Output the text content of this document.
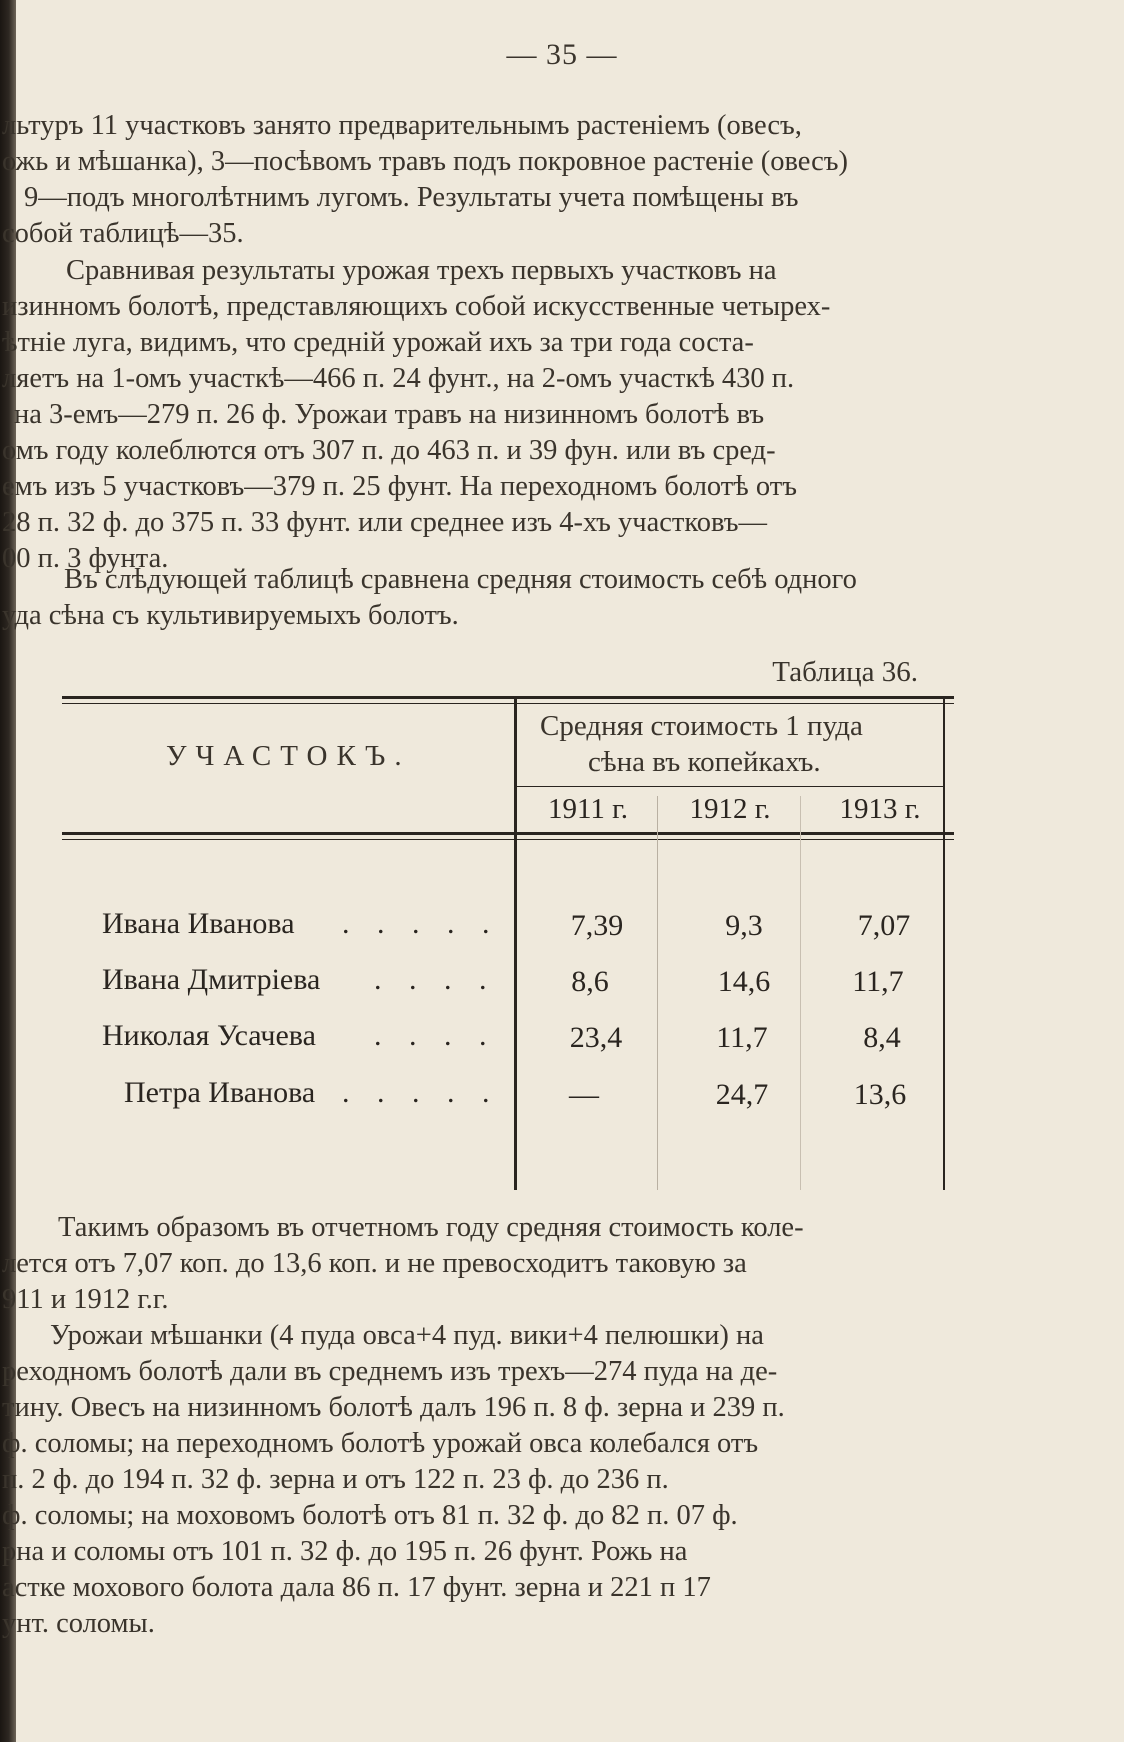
— 35 —
льтуръ 11 участковъ занято предварительнымъ растеніемъ (овесъ,
ожь и мѣшанка), 3—посѣвомъ травъ подъ покровное растеніе (овесъ)
9—подъ многолѣтнимъ лугомъ. Результаты учета помѣщены въ
собой таблицѣ—35.
Сравнивая результаты урожая трехъ первыхъ участковъ на
изинномъ болотѣ, представляющихъ собой искусственные четырех-
ѣтніе луга, видимъ, что средній урожай ихъ за три года соста-
ляетъ на 1-омъ участкѣ—466 п. 24 фунт., на 2-омъ участкѣ 430 п.
на 3-емъ—279 п. 26 ф. Урожаи травъ на низинномъ болотѣ въ
омъ году колеблются отъ 307 п. до 463 п. и 39 фун. или въ сред-
емъ изъ 5 участковъ—379 п. 25 фунт. На переходномъ болотѣ отъ
28 п. 32 ф. до 375 п. 33 фунт. или среднее изъ 4-хъ участковъ—
00 п. 3 фунта.
Въ слѣдующей таблицѣ сравнена средняя стоимость себѣ одного
уда сѣна съ культивируемыхъ болотъ.
Таблица 36.
УЧАСТОКЪ.
Средняя стоимость 1 пуда
сѣна въ копейкахъ.
1911 г.	1912 г.	1913 г.
Ивана Иванова . . . . .	7,39	9,3	7,07
Ивана Дмитріева . . . .	8,6	14,6	11,7
Николая Усачева . . . .	23,4	11,7	8,4
Петра Иванова . . . . .	—	24,7	13,6
Такимъ образомъ въ отчетномъ году средняя стоимость коле-
лется отъ 7,07 коп. до 13,6 коп. и не превосходитъ таковую за
911 и 1912 г.г.
Урожаи мѣшанки (4 пуда овса+4 пуд. вики+4 пелюшки) на
реходномъ болотѣ дали въ среднемъ изъ трехъ—274 пуда на де-
тину. Овесъ на низинномъ болотѣ далъ 196 п. 8 ф. зерна и 239 п.
ф. соломы; на переходномъ болотѣ урожай овса колебался отъ
п. 2 ф. до 194 п. 32 ф. зерна и отъ 122 п. 23 ф. до 236 п.
ф. соломы; на моховомъ болотѣ отъ 81 п. 32 ф. до 82 п. 07 ф.
рна и соломы отъ 101 п. 32 ф. до 195 п. 26 фунт. Рожь на
астке мохового болота дала 86 п. 17 фунт. зерна и 221 п 17
унт. соломы.
